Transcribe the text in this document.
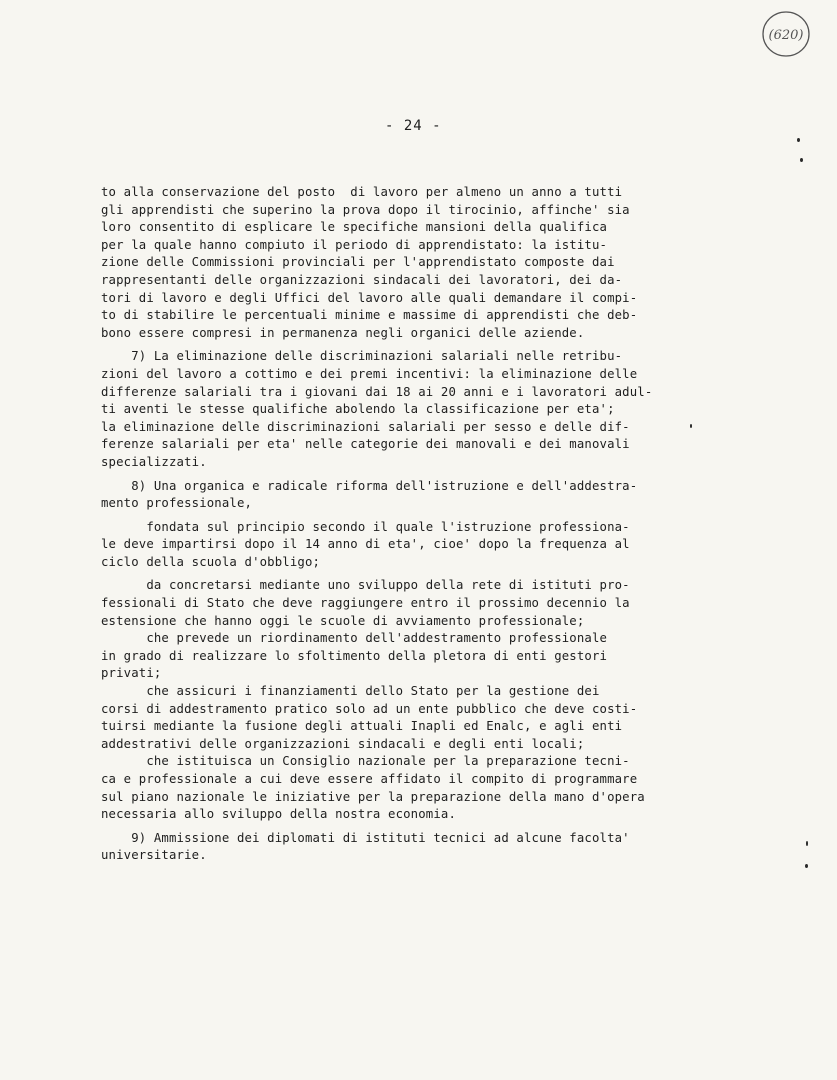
(620)
- 24 -
to alla conservazione del posto  di lavoro per almeno un anno a tutti
gli apprendisti che superino la prova dopo il tirocinio, affinche' sia
loro consentito di esplicare le specifiche mansioni della qualifica
per la quale hanno compiuto il periodo di apprendistato: la istitu-
zione delle Commissioni provinciali per l'apprendistato composte dai
rappresentanti delle organizzazioni sindacali dei lavoratori, dei da-
tori di lavoro e degli Uffici del lavoro alle quali demandare il compi-
to di stabilire le percentuali minime e massime di apprendisti che deb-
bono essere compresi in permanenza negli organici delle aziende.
7) La eliminazione delle discriminazioni salariali nelle retribu-
zioni del lavoro a cottimo e dei premi incentivi: la eliminazione delle
differenze salariali tra i giovani dai 18 ai 20 anni e i lavoratori adul-
ti aventi le stesse qualifiche abolendo la classificazione per eta';
la eliminazione delle discriminazioni salariali per sesso e delle dif-
ferenze salariali per eta' nelle categorie dei manovali e dei manovali
specializzati.
8) Una organica e radicale riforma dell'istruzione e dell'addestra-
mento professionale,
fondata sul principio secondo il quale l'istruzione professiona-
le deve impartirsi dopo il 14 anno di eta', cioe' dopo la frequenza al
ciclo della scuola d'obbligo;
da concretarsi mediante uno sviluppo della rete di istituti pro-
fessionali di Stato che deve raggiungere entro il prossimo decennio la
estensione che hanno oggi le scuole di avviamento professionale;
che prevede un riordinamento dell'addestramento professionale
in grado di realizzare lo sfoltimento della pletora di enti gestori
privati;
che assicuri i finanziamenti dello Stato per la gestione dei
corsi di addestramento pratico solo ad un ente pubblico che deve costi-
tuirsi mediante la fusione degli attuali Inapli ed Enalc, e agli enti
addestrativi delle organizzazioni sindacali e degli enti locali;
che istituisca un Consiglio nazionale per la preparazione tecni-
ca e professionale a cui deve essere affidato il compito di programmare
sul piano nazionale le iniziative per la preparazione della mano d'opera
necessaria allo sviluppo della nostra economia.
9) Ammissione dei diplomati di istituti tecnici ad alcune facolta'
universitarie.
